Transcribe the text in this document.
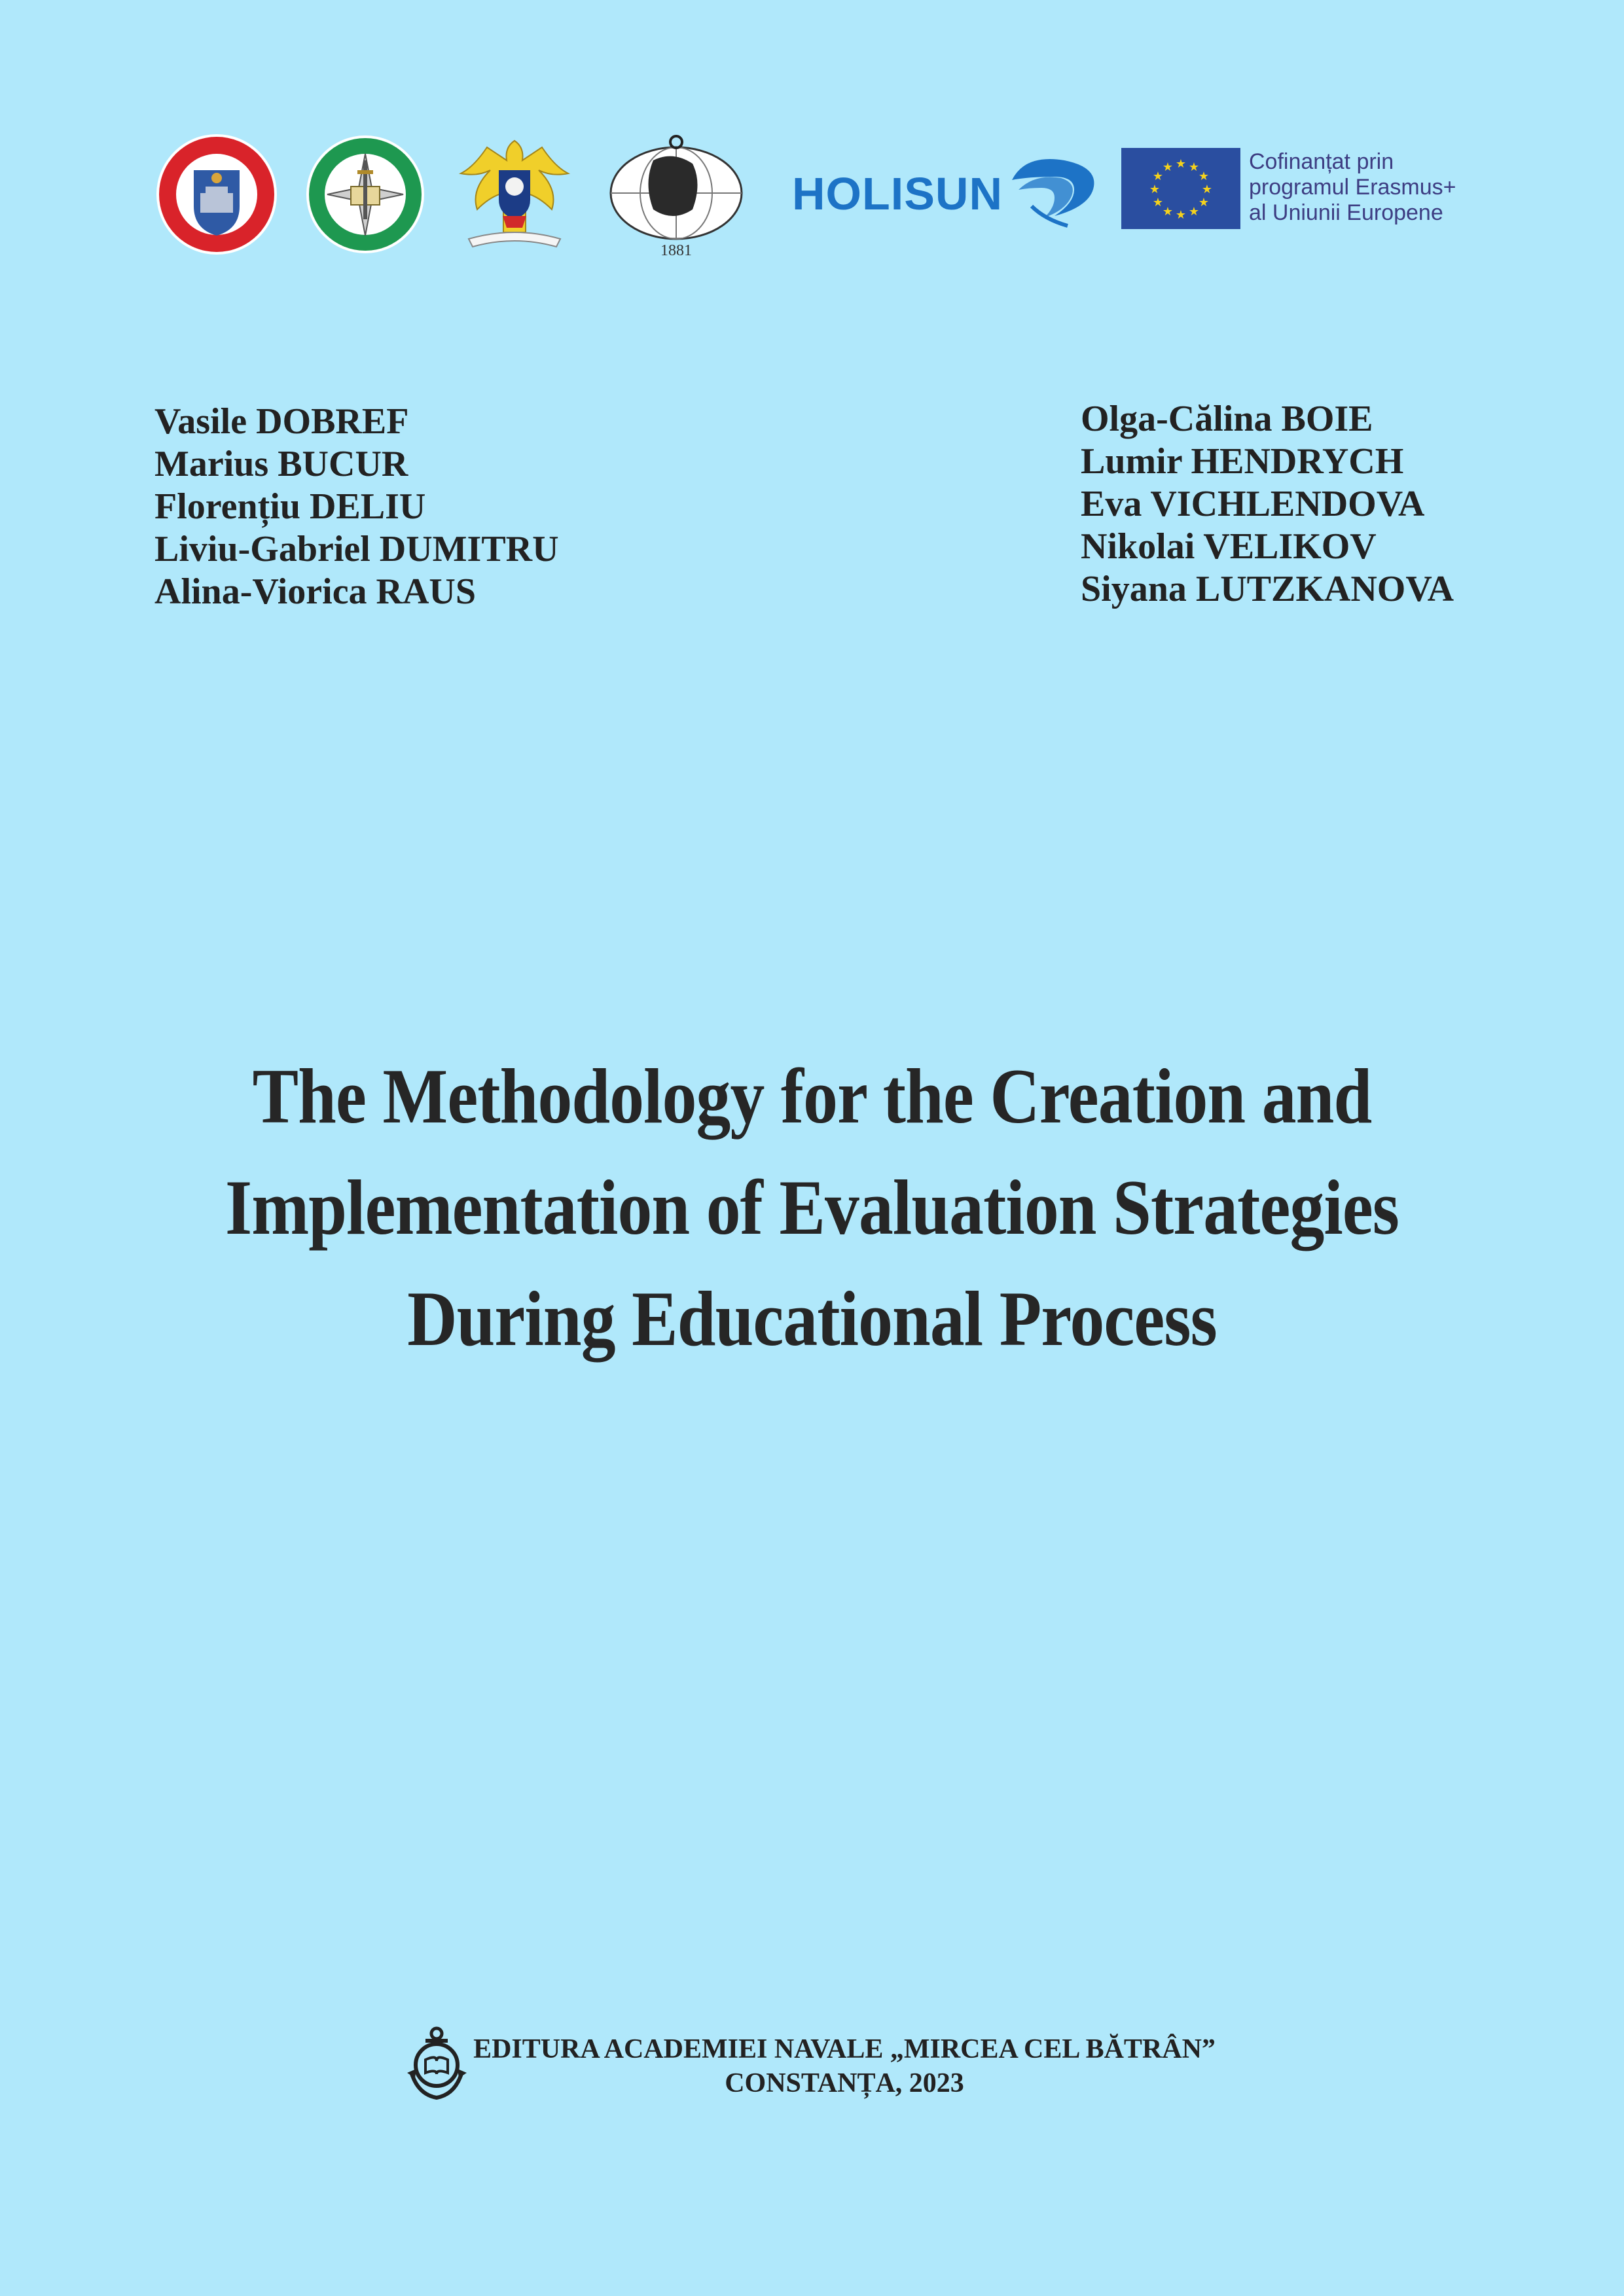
1881
HOLISUN
★ ★
★
★
★
★
★
★
★
★
★
★	Cofinanțat prin
programul Erasmus+
al Uniunii Europene
Vasile DOBREF
Marius BUCUR
Florențiu DELIU
Liviu-Gabriel DUMITRU
Alina-Viorica RAUS
Olga-Călina BOIE
Lumir HENDRYCH
Eva VICHLENDOVA
Nikolai VELIKOV
Siyana LUTZKANOVA
The Methodology for the Creation and
Implementation of Evaluation Strategies
During Educational Process
EDITURA ACADEMIEI NAVALE „MIRCEA CEL BĂTRÂN”
CONSTANȚA, 2023
